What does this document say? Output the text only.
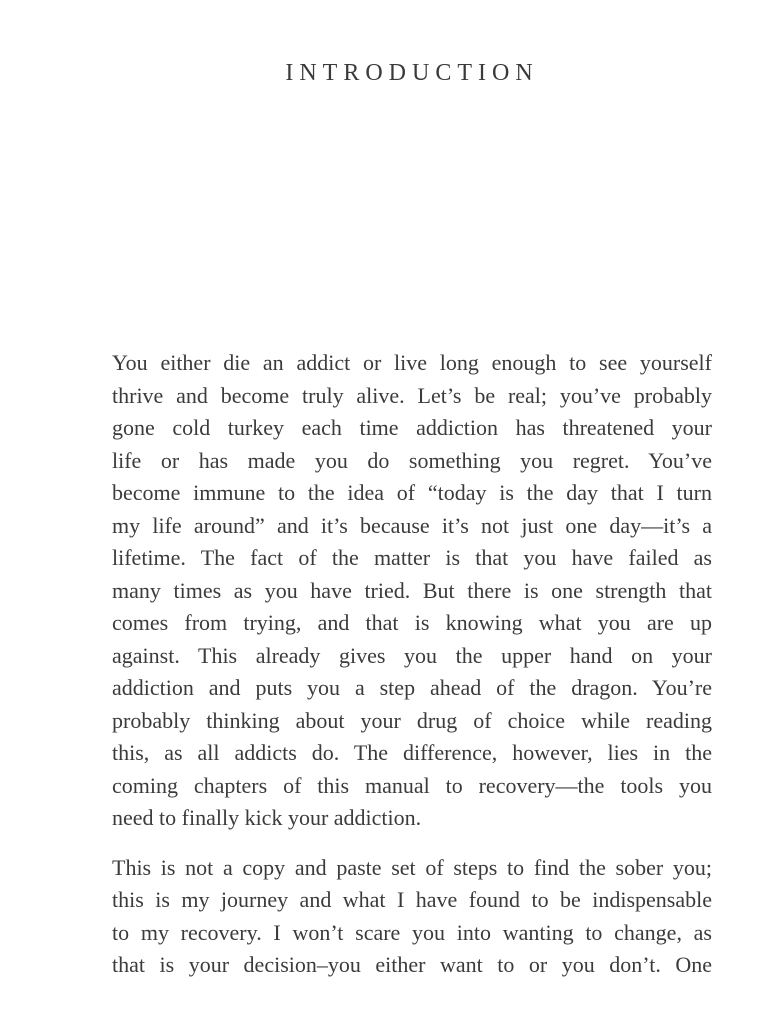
INTRODUCTION
You either die an addict or live long enough to see yourself
thrive and become truly alive. Let’s be real; you’ve probably
gone cold turkey each time addiction has threatened your
life or has made you do something you regret. You’ve
become immune to the idea of “today is the day that I turn
my life around” and it’s because it’s not just one day—it’s a
lifetime. The fact of the matter is that you have failed as
many times as you have tried. But there is one strength that
comes from trying, and that is knowing what you are up
against. This already gives you the upper hand on your
addiction and puts you a step ahead of the dragon. You’re
probably thinking about your drug of choice while reading
this, as all addicts do. The difference, however, lies in the
coming chapters of this manual to recovery—the tools you
need to finally kick your addiction.
This is not a copy and paste set of steps to find the sober you;
this is my journey and what I have found to be indispensable
to my recovery. I won’t scare you into wanting to change, as
that is your decision–you either want to or you don’t. One
